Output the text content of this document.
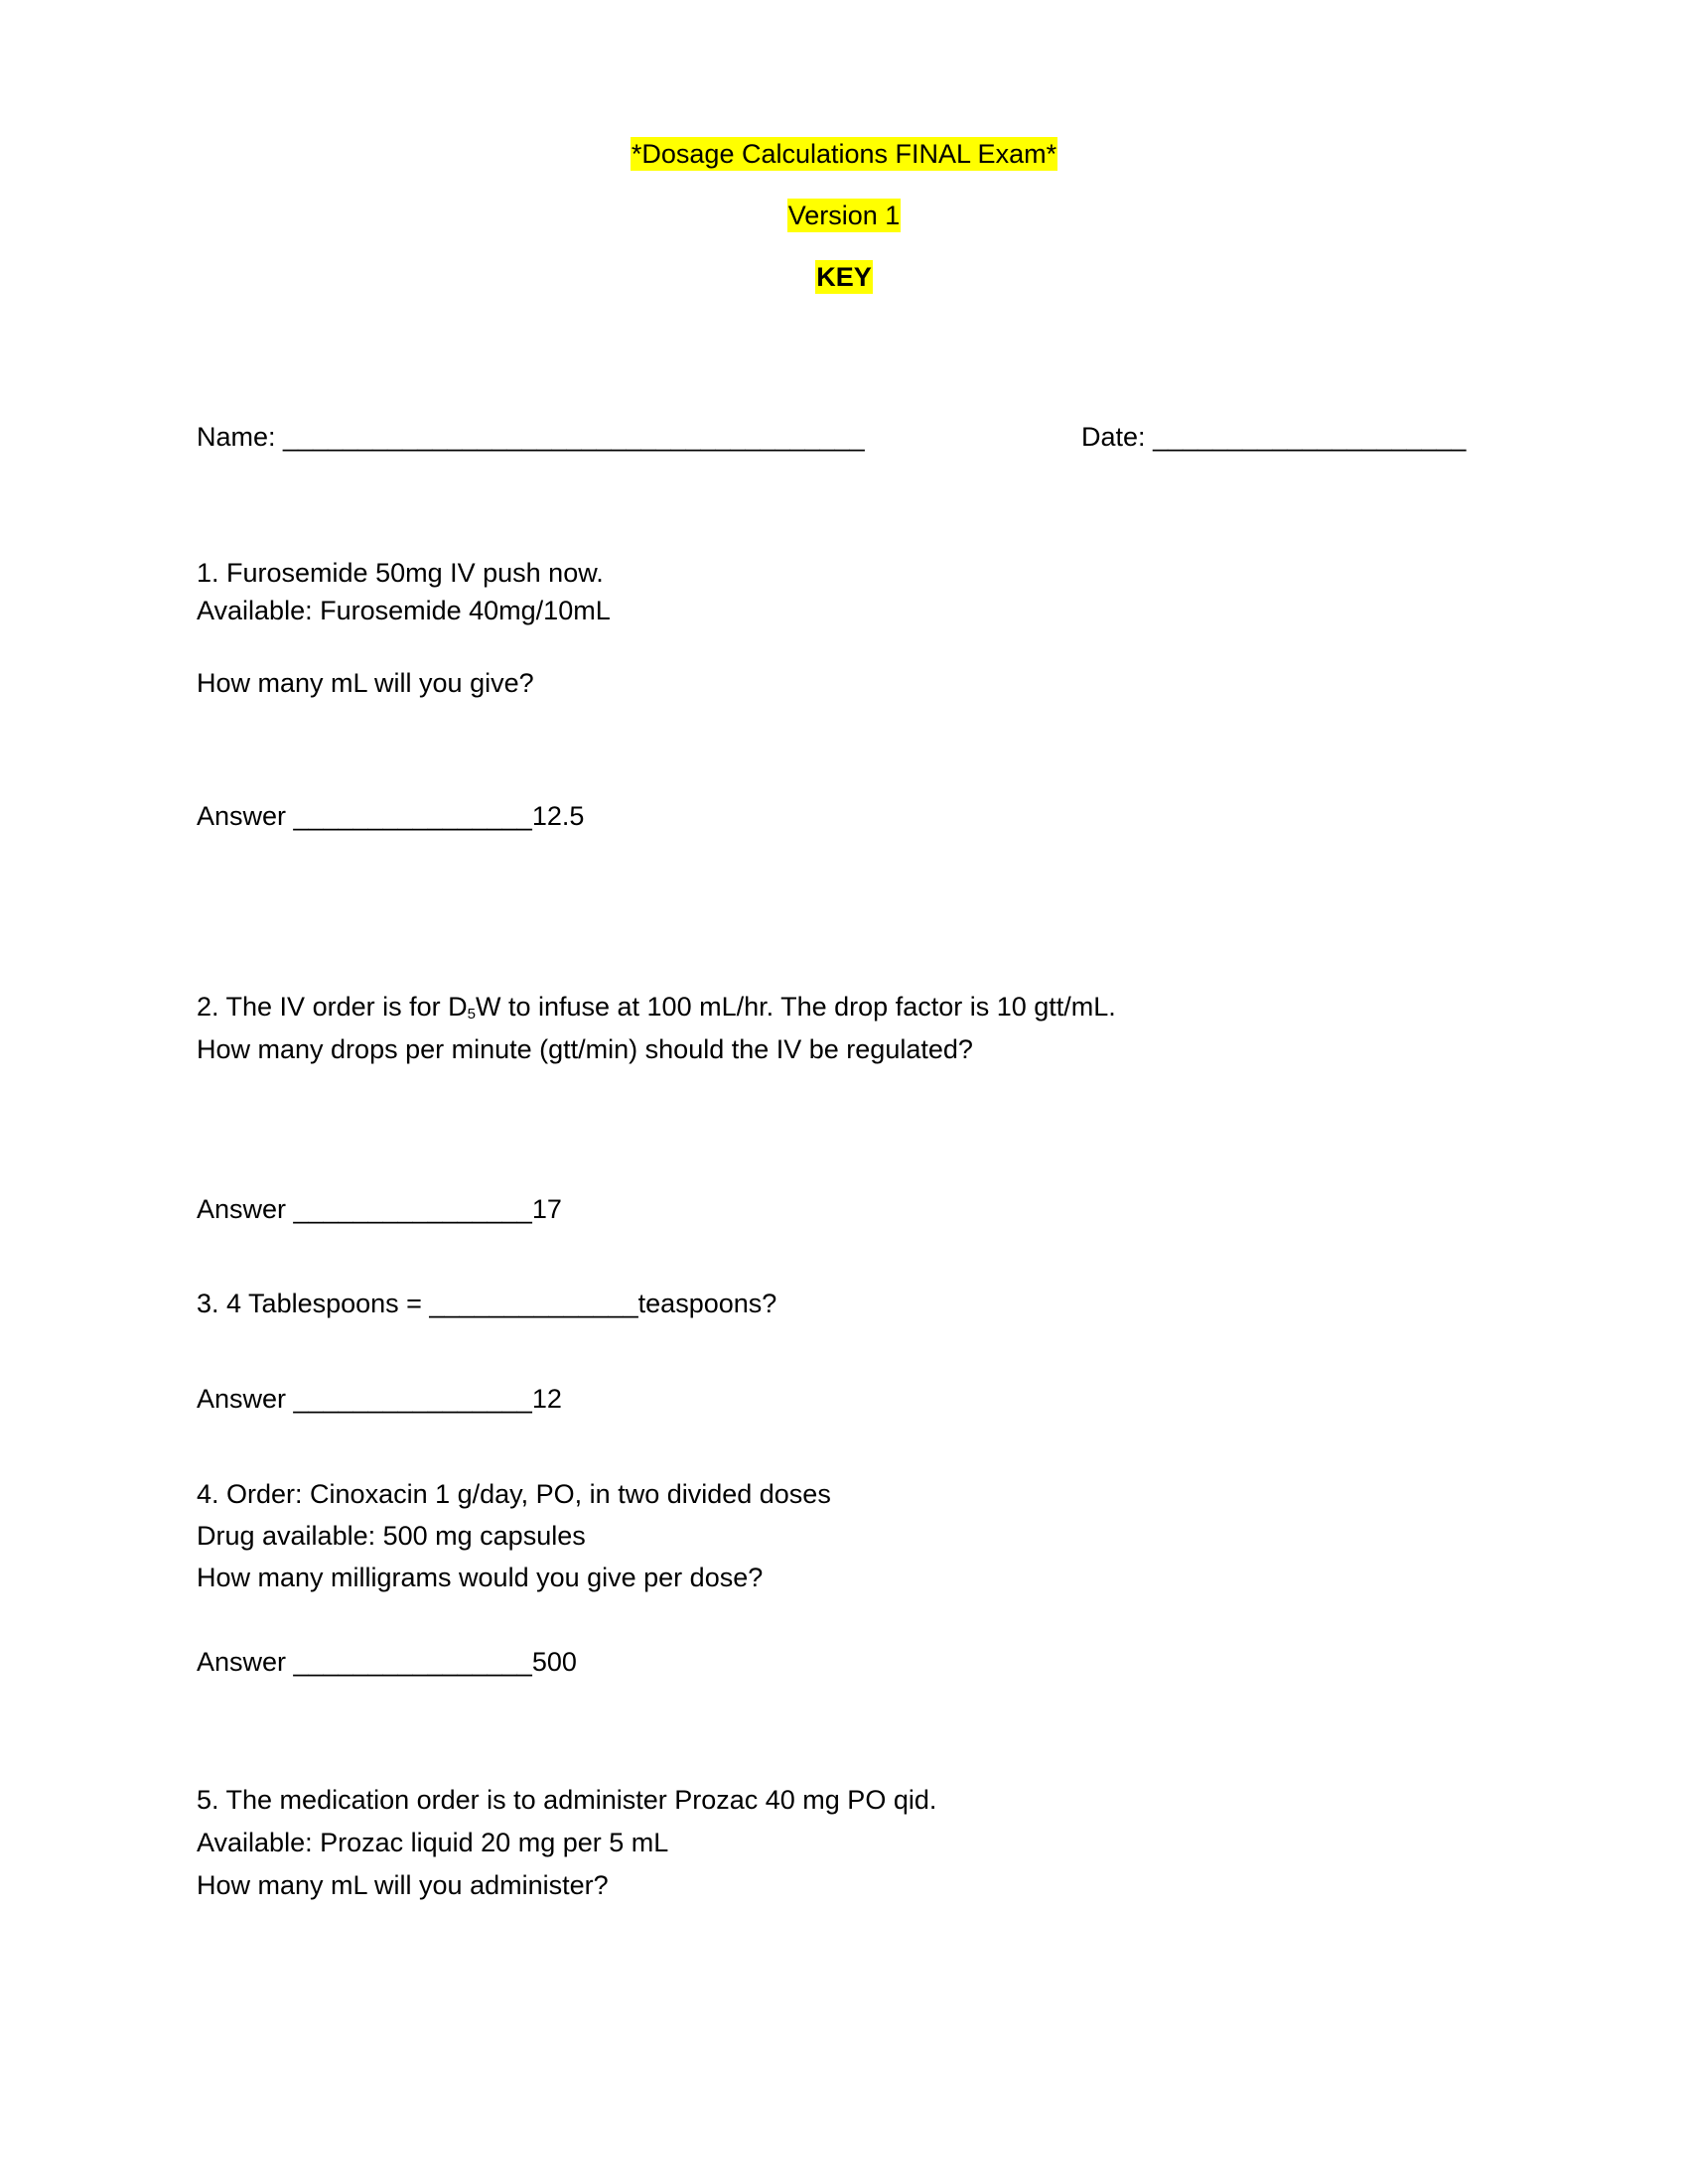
*Dosage Calculations FINAL Exam*
Version 1
KEY
Name: _______________________________________	Date: _____________________
1. Furosemide 50mg IV push now.
Available: Furosemide 40mg/10mL
How many mL will you give?
Answer ________________12.5
2. The IV order is for $D_5W$ to infuse at 100 mL/hr. The drop factor is 10 gtt/mL.
How many drops per minute (gtt/min) should the IV be regulated?
Answer ________________17
3. 4 Tablespoons = ______________teaspoons?
Answer ________________12
4. Order: Cinoxacin 1 g/day, PO, in two divided doses
Drug available: 500 mg capsules
How many milligrams would you give per dose?
Answer ________________500
5. The medication order is to administer Prozac 40 mg PO qid.
Available: Prozac liquid 20 mg per 5 mL
How many mL will you administer?
